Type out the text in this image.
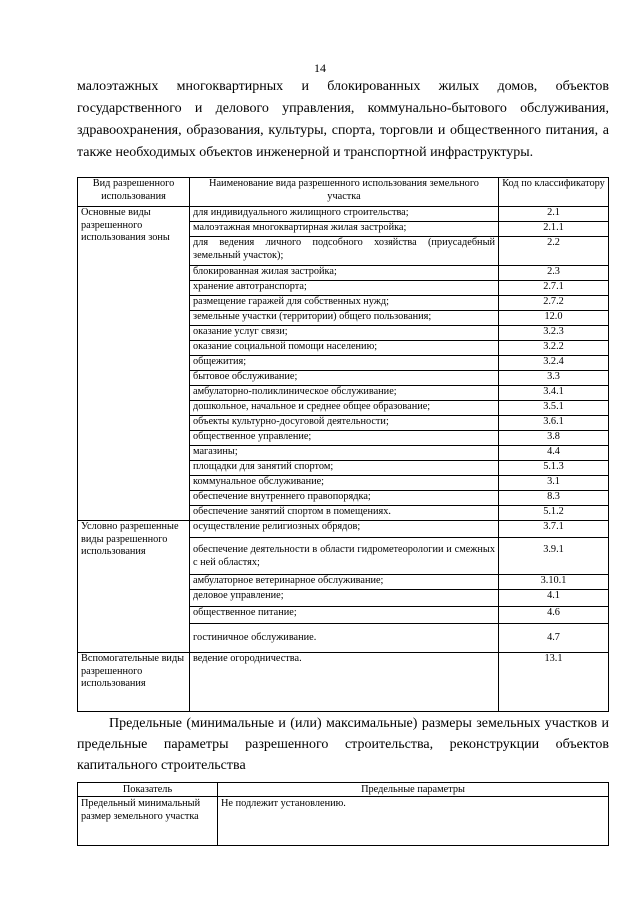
14

малоэтажных многоквартирных и блокированных жилых домов, объектов государственного и делового управления, коммунально-бытового обслуживания, здравоохранения, образования, культуры, спорта, торговли и общественного питания, а также необходимых объектов инженерной и транспортной инфраструктуры.

Вид разрешенного использования	Наименование вида разрешенного использования земельного участка	Код по классификатору
Основные виды разрешенного использования зоны	для индивидуального жилищного строительства;	2.1
	малоэтажная многоквартирная жилая застройка;	2.1.1
	для ведения личного подсобного хозяйства (приусадебный земельный участок);	2.2
	блокированная жилая застройка;	2.3
	хранение автотранспорта;	2.7.1
	размещение гаражей для собственных нужд;	2.7.2
	земельные участки (территории) общего пользования;	12.0
	оказание услуг связи;	3.2.3
	оказание социальной помощи населению;	3.2.2
	общежития;	3.2.4
	бытовое обслуживание;	3.3
	амбулаторно-поликлиническое обслуживание;	3.4.1
	дошкольное, начальное и среднее общее образование;	3.5.1
	объекты культурно-досуговой деятельности;	3.6.1
	общественное управление;	3.8
	магазины;	4.4
	площадки для занятий спортом;	5.1.3
	коммунальное обслуживание;	3.1
	обеспечение внутреннего правопорядка;	8.3
	обеспечение занятий спортом в помещениях.	5.1.2
Условно разрешенные виды разрешенного использования	осуществление религиозных обрядов;	3.7.1
	обеспечение деятельности в области гидрометеорологии и смежных с ней областях;	3.9.1
	амбулаторное ветеринарное обслуживание;	3.10.1
	деловое управление;	4.1
	общественное питание;	4.6
	гостиничное обслуживание.	4.7
Вспомогательные виды разрешенного использования	ведение огородничества.	13.1

Предельные (минимальные и (или) максимальные) размеры земельных участков и предельные параметры разрешенного строительства, реконструкции объектов капитального строительства

Показатель	Предельные параметры
Предельный минимальный размер земельного участка	Не подлежит установлению.
